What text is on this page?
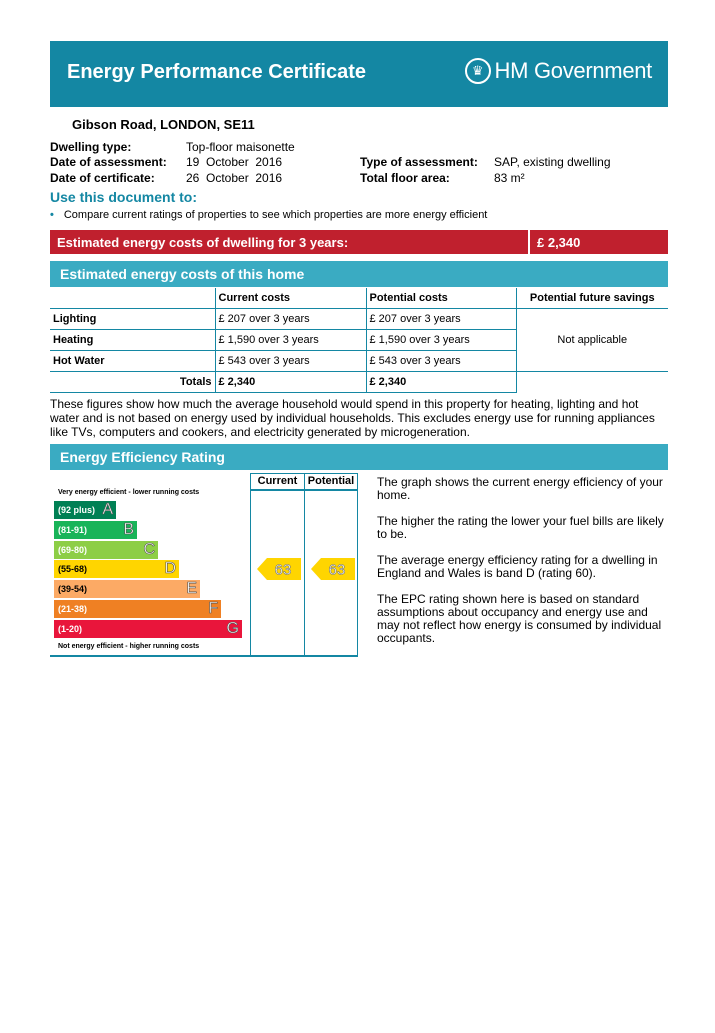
Energy Performance Certificate	♛ HM Government
Gibson Road, LONDON, SE11
Dwelling type:	Top-floor maisonette
Date of assessment: 19  October  2016
Date of certificate:	26  October  2016
Type of assessment: SAP, existing dwelling
Total floor area:	83 m²
Use this document to:
• Compare current ratings of properties to see which properties are more energy efficient
Estimated energy costs of dwelling for 3 years:	£ 2,340
Estimated energy costs of this home
	Current costs	Potential costs	Potential future savings
Lighting	£ 207 over 3 years	£ 207 over 3 years	Not applicable
Heating	£ 1,590 over 3 years	£ 1,590 over 3 years	
Hot Water	£ 543 over 3 years	£ 543 over 3 years	
Totals	£ 2,340	£ 2,340	
These figures show how much the average household would spend in this property for heating, lighting and hot water and is not based on energy used by individual households. This excludes energy use for running appliances like TVs, computers and cookers, and electricity generated by microgeneration.
Energy Efficiency Rating
Current Potential
Very energy efficient - lower running costs
Not energy efficient - higher running costs
(92 plus) A
(81-91) B
(69-80)	C
(55-68)	D
(39-54)	E
(21-38)	F
(1-20)	G
63 63

The graph shows the current energy efficiency of your home.

The higher the rating the lower your fuel bills are likely to be.

The average energy efficiency rating for a dwelling in England and Wales is band D (rating 60).

The EPC rating shown here is based on standard assumptions about occupancy and energy use and may not reflect how energy is consumed by individual occupants.
